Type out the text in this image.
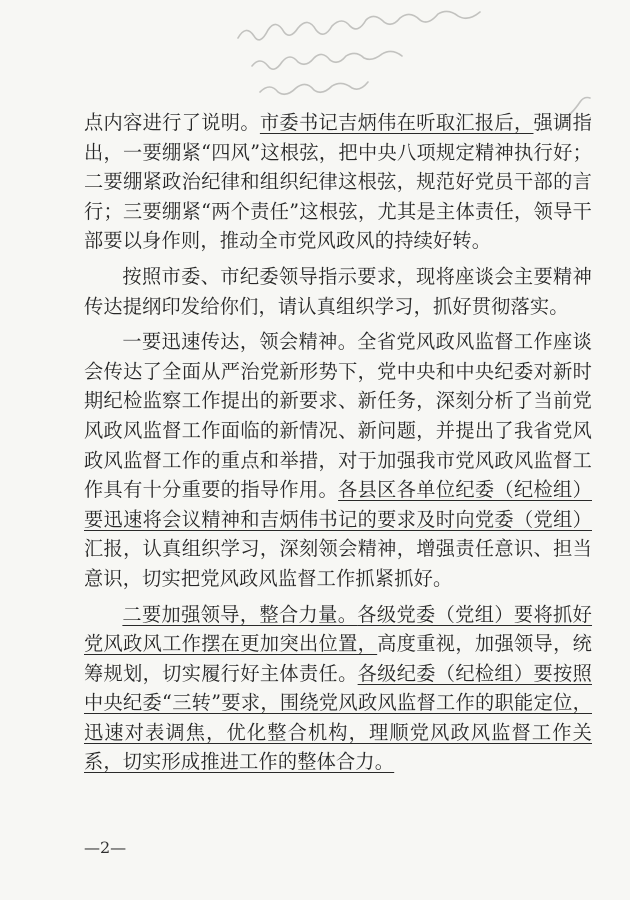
点内容进行了说明。市委书记吉炳伟在听取汇报后，强调指出，一要绷紧“四风”这根弦，把中央八项规定精神执行好；二要绷紧政治纪律和组织纪律这根弦，规范好党员干部的言行；三要绷紧“两个责任”这根弦，尤其是主体责任，领导干部要以身作则，推动全市党风政风的持续好转。

按照市委、市纪委领导指示要求，现将座谈会主要精神传达提纲印发给你们，请认真组织学习，抓好贯彻落实。

一要迅速传达，领会精神。全省党风政风监督工作座谈会传达了全面从严治党新形势下，党中央和中央纪委对新时期纪检监察工作提出的新要求、新任务，深刻分析了当前党风政风监督工作面临的新情况、新问题，并提出了我省党风政风监督工作的重点和举措，对于加强我市党风政风监督工作具有十分重要的指导作用。各县区各单位纪委（纪检组）要迅速将会议精神和吉炳伟书记的要求及时向党委（党组）汇报，认真组织学习，深刻领会精神，增强责任意识、担当意识，切实把党风政风监督工作抓紧抓好。

二要加强领导，整合力量。各级党委（党组）要将抓好党风政风工作摆在更加突出位置，高度重视，加强领导，统筹规划，切实履行好主体责任。各级纪委（纪检组）要按照中央纪委“三转”要求，围绕党风政风监督工作的职能定位，迅速对表调焦，优化整合机构，理顺党风政风监督工作关系，切实形成推进工作的整体合力。

—2—
